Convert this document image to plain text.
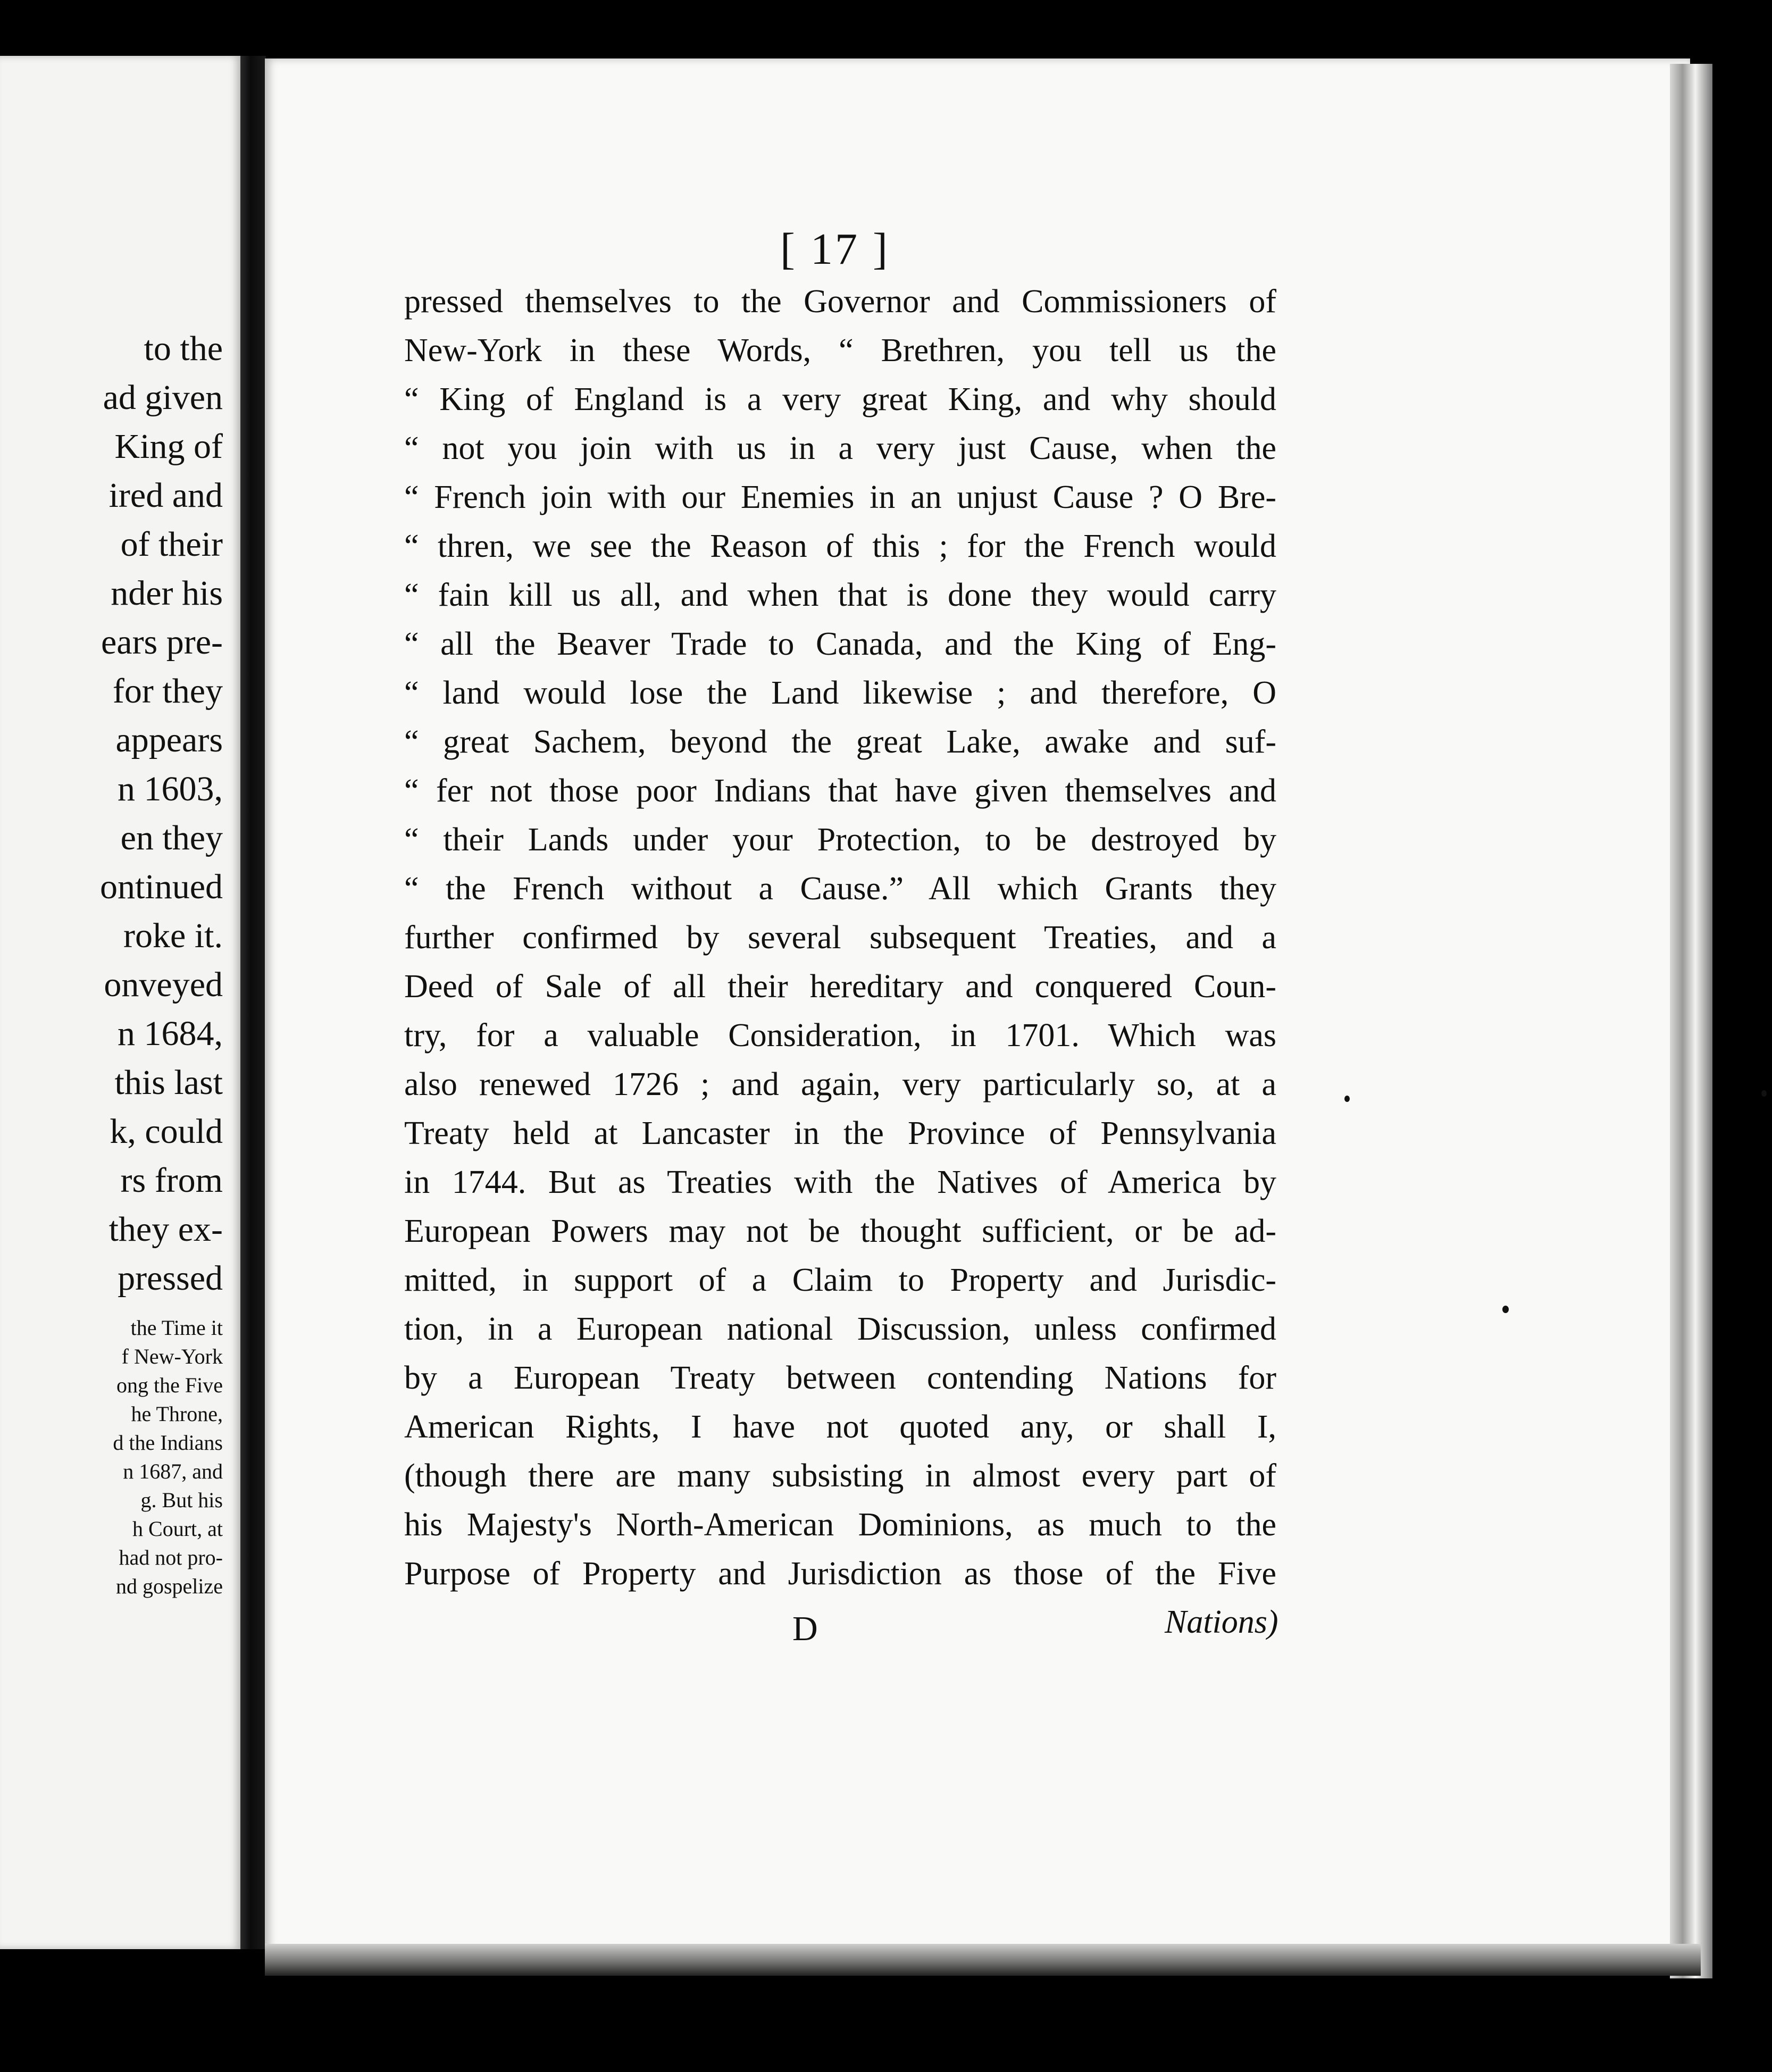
to the
ad given
King of
ired and
of their
nder his
ears pre-
for they
appears
n 1603,
en they
ontinued
roke it.
onveyed
n 1684,
this last
k, could
rs from
they ex-
pressed
the Time it
f New-York
ong the Five
he Throne,
d the Indians
n 1687, and
g. But his
h Court, at
had not pro-
nd gospelize
[ 17 ]
pressed themselves to the Governor and Commissioners of
New-York in these Words, “ Brethren, you tell us the
“ King of England is a very great King, and why should
“ not you join with us in a very just Cause, when the
“ French join with our Enemies in an unjust Cause ? O Bre-
“ thren, we see the Reason of this ; for the French would
“ fain kill us all, and when that is done they would carry
“ all the Beaver Trade to Canada, and the King of Eng-
“ land would lose the Land likewise ; and therefore, O
“ great Sachem, beyond the great Lake, awake and suf-
“ fer not those poor Indians that have given themselves and
“ their Lands under your Protection, to be destroyed by
“ the French without a Cause.” All which Grants they
further confirmed by several subsequent Treaties, and a
Deed of Sale of all their hereditary and conquered Coun-
try, for a valuable Consideration, in 1701. Which was
also renewed 1726 ; and again, very particularly so, at a
Treaty held at Lancaster in the Province of Pennsylvania
in 1744. But as Treaties with the Natives of America by
European Powers may not be thought sufficient, or be ad-
mitted, in support of a Claim to Property and Jurisdic-
tion, in a European national Discussion, unless confirmed
by a European Treaty between contending Nations for
American Rights, I have not quoted any, or shall I,
(though there are many subsisting in almost every part of
his Majesty's North-American Dominions, as much to the
Purpose of Property and Jurisdiction as those of the Five
D	Nations)
